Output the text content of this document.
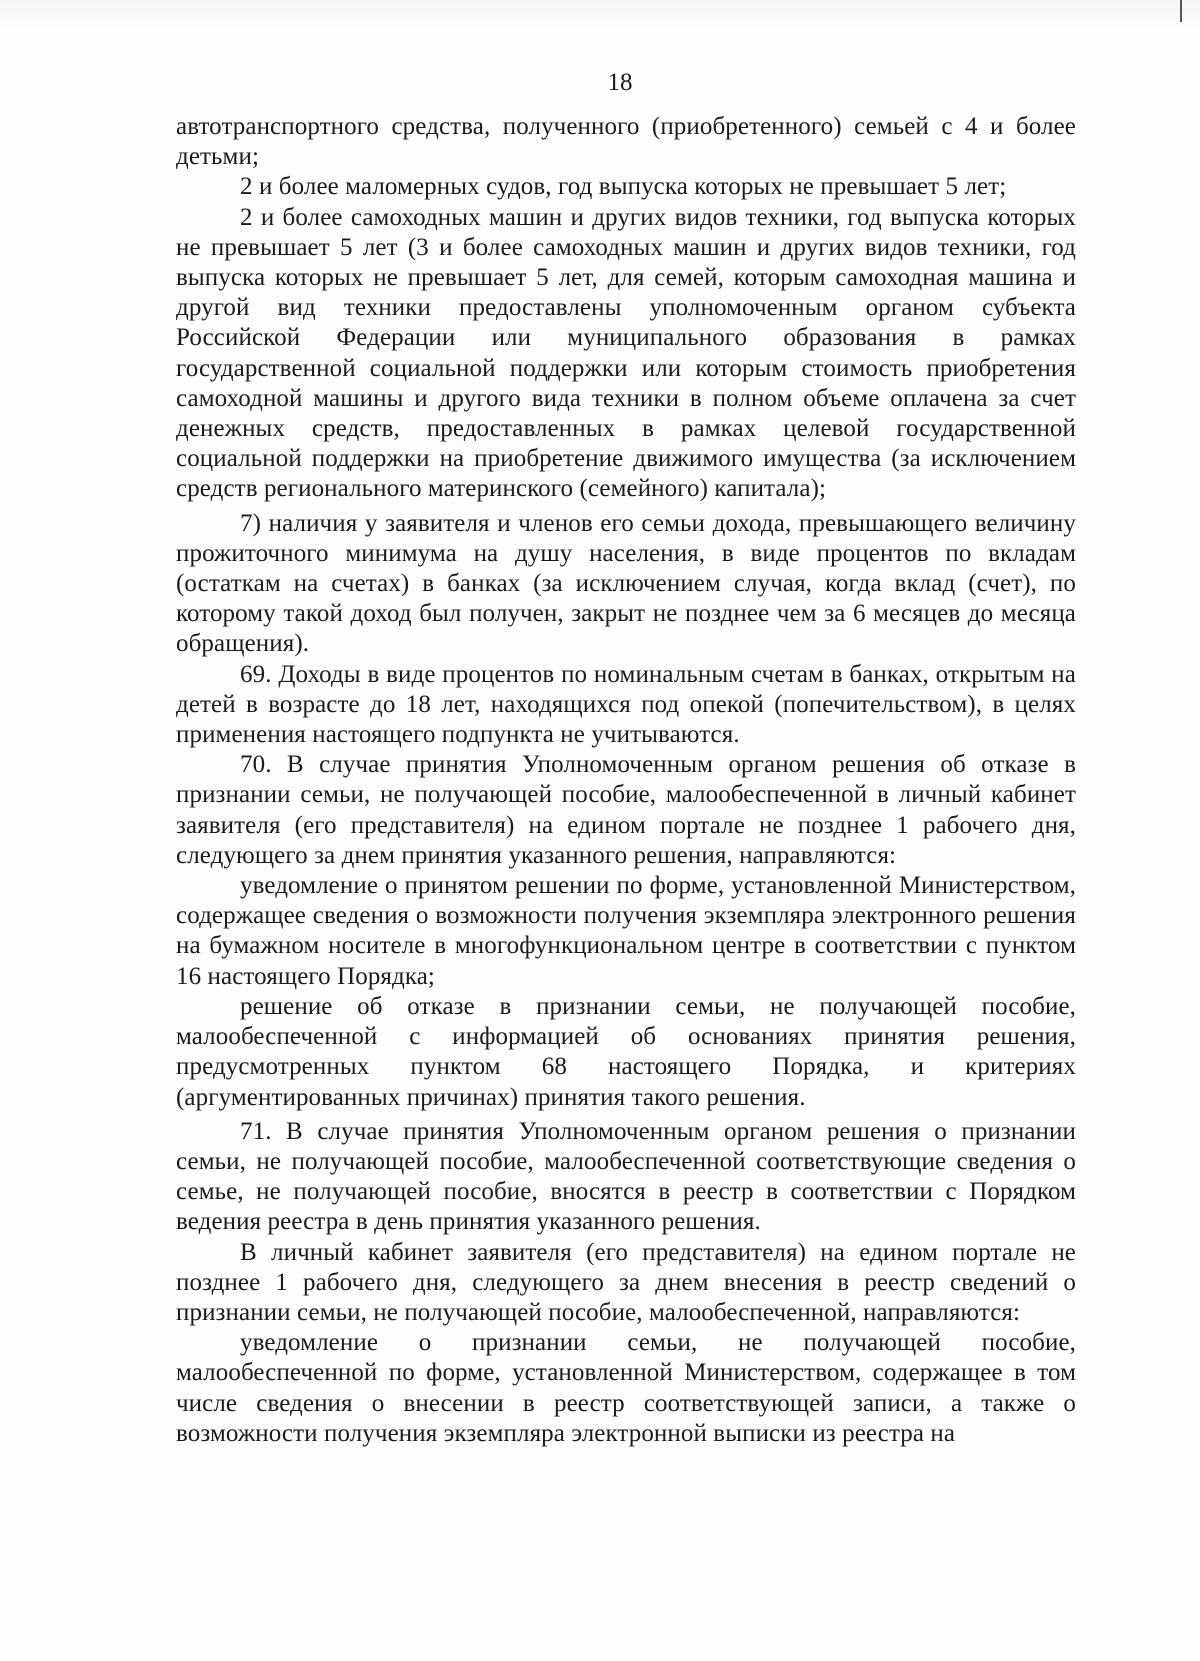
18

автотранспортного средства, полученного (приобретенного) семьей с 4 и более детьми;

2 и более маломерных судов, год выпуска которых не превышает 5 лет;

2 и более самоходных машин и других видов техники, год выпуска которых не превышает 5 лет (3 и более самоходных машин и других видов техники, год выпуска которых не превышает 5 лет, для семей, которым самоходная машина и другой вид техники предоставлены уполномоченным органом субъекта Российской Федерации или муниципального образования в рамках государственной социальной поддержки или которым стоимость приобретения самоходной машины и другого вида техники в полном объеме оплачена за счет денежных средств, предоставленных в рамках целевой государственной социальной поддержки на приобретение движимого имущества (за исключением средств регионального материнского (семейного) капитала);

7) наличия у заявителя и членов его семьи дохода, превышающего величину прожиточного минимума на душу населения, в виде процентов по вкладам (остаткам на счетах) в банках (за исключением случая, когда вклад (счет), по которому такой доход был получен, закрыт не позднее чем за 6 месяцев до месяца обращения).

69. Доходы в виде процентов по номинальным счетам в банках, открытым на детей в возрасте до 18 лет, находящихся под опекой (попечительством), в целях применения настоящего подпункта не учитываются.

70. В случае принятия Уполномоченным органом решения об отказе в признании семьи, не получающей пособие, малообеспеченной в личный кабинет заявителя (его представителя) на едином портале не позднее 1 рабочего дня, следующего за днем принятия указанного решения, направляются:

уведомление о принятом решении по форме, установленной Министерством, содержащее сведения о возможности получения экземпляра электронного решения на бумажном носителе в многофункциональном центре в соответствии с пунктом 16 настоящего Порядка;

решение об отказе в признании семьи, не получающей пособие, малообеспеченной с информацией об основаниях принятия решения, предусмотренных пунктом 68 настоящего Порядка, и критериях (аргументированных причинах) принятия такого решения.

71. В случае принятия Уполномоченным органом решения о признании семьи, не получающей пособие, малообеспеченной соответствующие сведения о семье, не получающей пособие, вносятся в реестр в соответствии с Порядком ведения реестра в день принятия указанного решения.

В личный кабинет заявителя (его представителя) на едином портале не позднее 1 рабочего дня, следующего за днем внесения в реестр сведений о признании семьи, не получающей пособие, малообеспеченной, направляются:

уведомление о признании семьи, не получающей пособие, малообеспеченной по форме, установленной Министерством, содержащее в том числе сведения о внесении в реестр соответствующей записи, а также о возможности получения экземпляра электронной выписки из реестра на
